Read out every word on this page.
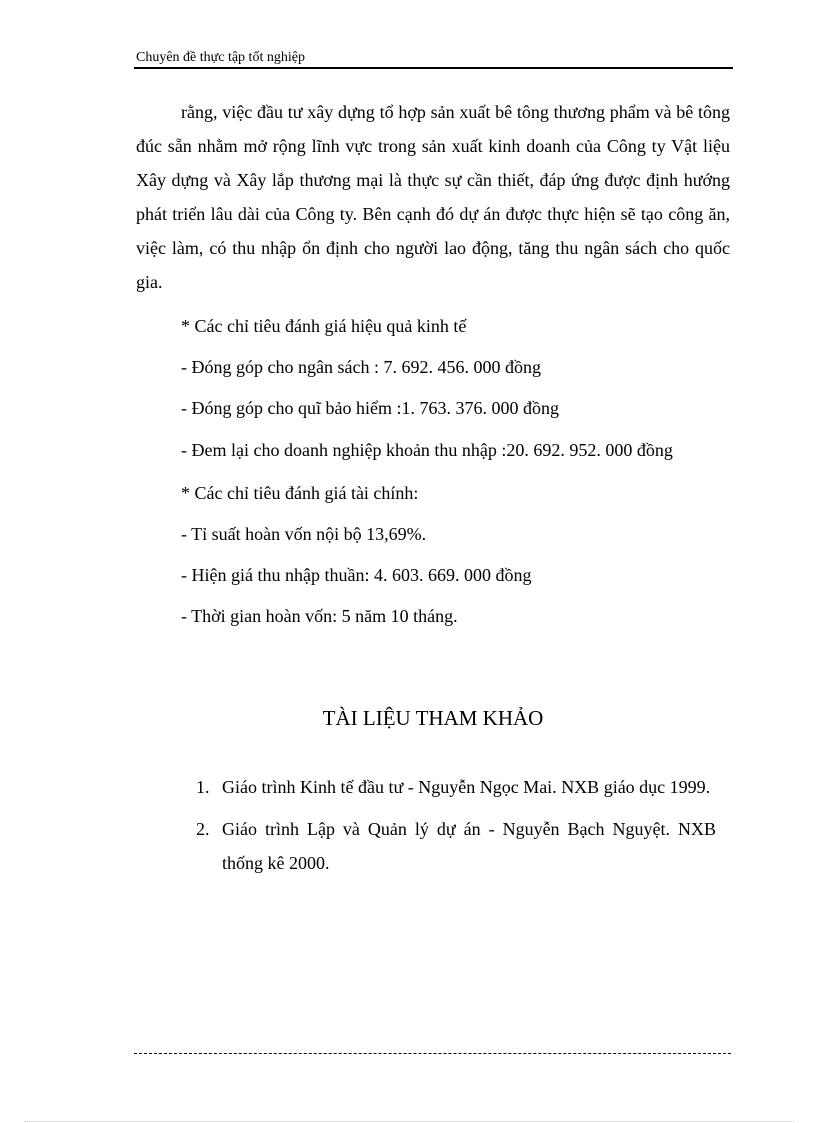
Chuyên đề thực tập tốt nghiệp

rằng, việc đầu tư xây dựng tổ hợp sản xuất bê tông thương phẩm và bê tông đúc sẵn nhằm mở rộng lĩnh vực trong sản xuất kinh doanh của Công ty Vật liệu Xây dựng và Xây lắp thương mại là thực sự cần thiết, đáp ứng được định hướng phát triển lâu dài của Công ty. Bên cạnh đó dự án được thực hiện sẽ tạo công ăn, việc làm, có thu nhập ổn định cho người lao động, tăng thu ngân sách cho quốc gia.

* Các chỉ tiêu đánh giá hiệu quả kinh tế

- Đóng góp cho ngân sách : 7. 692. 456. 000 đồng

- Đóng góp cho quĩ bảo hiểm :1. 763. 376. 000 đồng

- Đem lại cho doanh nghiệp khoản thu nhập :20. 692. 952. 000 đồng

* Các chỉ tiêu đánh giá tài chính:

- Tỉ suất hoàn vốn nội bộ 13,69%.

- Hiện giá thu nhập thuần: 4. 603. 669. 000 đồng

- Thời gian hoàn vốn: 5 năm 10 tháng.

TÀI LIỆU THAM KHẢO
1. Giáo trình Kinh tế đầu tư - Nguyễn Ngọc Mai. NXB giáo dục 1999.
2. Giáo trình Lập và Quản lý dự án - Nguyễn Bạch Nguyệt. NXB thống kê 2000.
